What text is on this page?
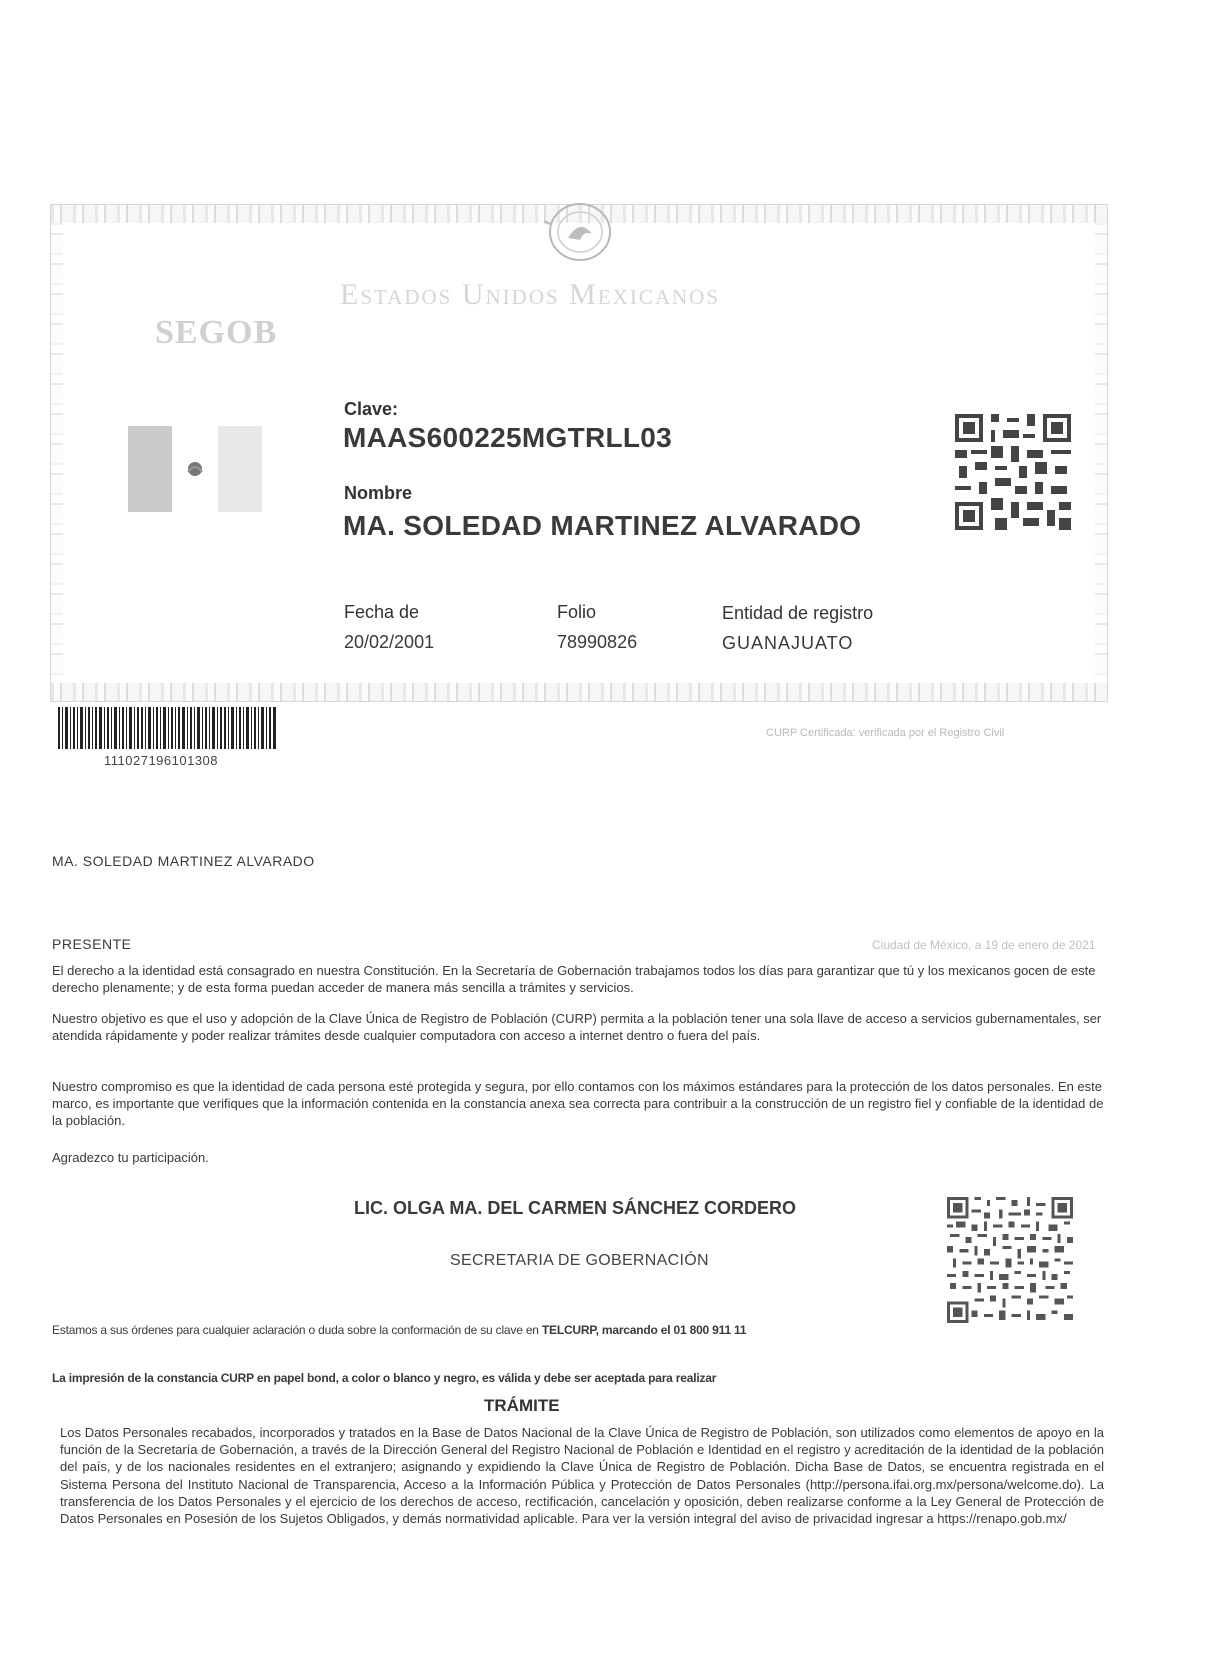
Estados Unidos Mexicanos
SEGOB
Clave:
MAAS600225MGTRLL03
Nombre
MA. SOLEDAD MARTINEZ ALVARADO
Fecha de
20/02/2001
Folio
78990826
Entidad de registro
GUANAJUATO
111027196101308
CURP Certificada: verificada por el Registro Civil
MA. SOLEDAD MARTINEZ ALVARADO
PRESENTE	Ciudad de México, a 19 de enero de 2021
El derecho a la identidad está consagrado en nuestra Constitución. En la Secretaría de Gobernación trabajamos todos los días para garantizar que tú y los mexicanos gocen de este derecho plenamente; y de esta forma puedan acceder de manera más sencilla a trámites y servicios.
Nuestro objetivo es que el uso y adopción de la Clave Única de Registro de Población (CURP) permita a la población tener una sola llave de acceso a servicios gubernamentales, ser atendida rápidamente y poder realizar trámites desde cualquier computadora con acceso a internet dentro o fuera del país.
Nuestro compromiso es que la identidad de cada persona esté protegida y segura, por ello contamos con los máximos estándares para la protección de los datos personales. En este marco, es importante que verifiques que la información contenida en la constancia anexa sea correcta para contribuir a la construcción de un registro fiel y confiable de la identidad de la población.
Agradezco tu participación.
LIC. OLGA MA. DEL CARMEN SÁNCHEZ CORDERO
SECRETARIA DE GOBERNACIÓN
Estamos a sus órdenes para cualquier aclaración o duda sobre la conformación de su clave en TELCURP, marcando el 01 800 911 11
La impresión de la constancia CURP en papel bond, a color o blanco y negro, es válida y debe ser aceptada para realizar
TRÁMITE
Los Datos Personales recabados, incorporados y tratados en la Base de Datos Nacional de la Clave Única de Registro de Población, son utilizados como elementos de apoyo en la función de la Secretaría de Gobernación, a través de la Dirección General del Registro Nacional de Población e Identidad en el registro y acreditación de la identidad de la población del país, y de los nacionales residentes en el extranjero; asignando y expidiendo la Clave Única de Registro de Población. Dicha Base de Datos, se encuentra registrada en el Sistema Persona del Instituto Nacional de Transparencia, Acceso a la Información Pública y Protección de Datos Personales (http://persona.ifai.org.mx/persona/welcome.do). La transferencia de los Datos Personales y el ejercicio de los derechos de acceso, rectificación, cancelación y oposición, deben realizarse conforme a la Ley General de Protección de Datos Personales en Posesión de los Sujetos Obligados, y demás normatividad aplicable. Para ver la versión integral del aviso de privacidad ingresar a https://renapo.gob.mx/
